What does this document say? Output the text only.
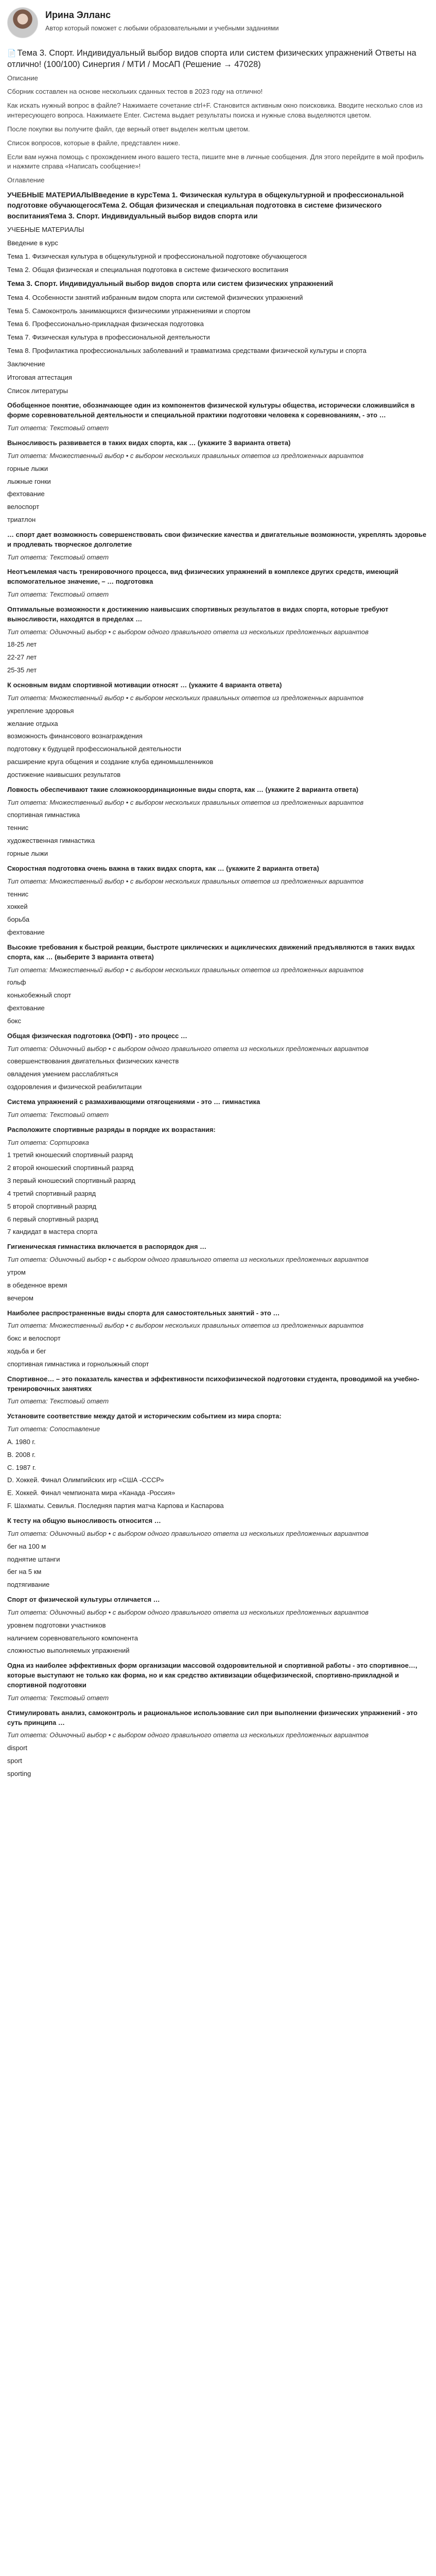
Ирина Элланс
Автор который поможет с любыми образовательными и учебными заданиями
📄 Тема 3. Спорт. Индивидуальный выбор видов спорта или систем физических упражнений Ответы на отлично! (100/100) Синергия / МТИ / МосАП (Решение → 47028)

Описание

Сборник составлен на основе нескольких сданных тестов в 2023 году на отлично!

Как искать нужный вопрос в файле? Нажимаете сочетание ctrl+F. Становится активным окно поисковика. Вводите несколько слов из интересующего вопроса. Нажимаете Enter. Система выдает результаты поиска и нужные слова выделяются цветом.

После покупки вы получите файл, где верный ответ выделен желтым цветом.

Список вопросов, которые в файле, представлен ниже.

Если вам нужна помощь с прохождением иного вашего теста, пишите мне в личные сообщения. Для этого перейдите в мой профиль и нажмите справа «Написать сообщение»!

Оглавление

УЧЕБНЫЕ МАТЕРИАЛЫВведение в курсТема 1. Физическая культура в общекультурной и профессиональной подготовке обучающегосяТема 2. Общая физическая и специальная подготовка в системе физического воспитанияТема 3. Спорт. Индивидуальный выбор видов спорта или
УЧЕБНЫЕ МАТЕРИАЛЫ
Введение в курс
Тема 1. Физическая культура в общекультурной и профессиональной подготовке обучающегося
Тема 2. Общая физическая и специальная подготовка в системе физического воспитания
Тема 3. Спорт. Индивидуальный выбор видов спорта или систем физических упражнений
Тема 4. Особенности занятий избранным видом спорта или системой физических упражнений
Тема 5. Самоконтроль занимающихся физическими упражнениями и спортом
Тема 6. Профессионально-прикладная физическая подготовка
Тема 7. Физическая культура в профессиональной деятельности
Тема 8. Профилактика профессиональных заболеваний и травматизма средствами физической культуры и спорта
Заключение
Итоговая аттестация
Список литературы
Обобщенное понятие, обозначающее один из компонентов физической культуры общества, исторически сложившийся в форме соревновательной деятельности и специальной практики подготовки человека к соревнованиям, - это …
Тип ответа: Текстовый ответ
Выносливость развивается в таких видах спорта, как … (укажите 3 варианта ответа)
Тип ответа: Множественный выбор • с выбором нескольких правильных ответов из предложенных вариантов
горные лыжи
лыжные гонки
фехтование
велоспорт
триатлон
… спорт дает возможность совершенствовать свои физические качества и двигательные возможности, укреплять здоровье и продлевать творческое долголетие
Тип ответа: Текстовый ответ
Неотъемлемая часть тренировочного процесса, вид физических упражнений в комплексе других средств, имеющий вспомогательное значение, – … подготовка
Тип ответа: Текстовый ответ
Оптимальные возможности к достижению наивысших спортивных результатов в видах спорта, которые требуют выносливости, находятся в пределах …
Тип ответа: Одиночный выбор • с выбором одного правильного ответа из нескольких предложенных вариантов
18-25 лет
22-27 лет
25-35 лет
К основным видам спортивной мотивации относят … (укажите 4 варианта ответа)
Тип ответа: Множественный выбор • с выбором нескольких правильных ответов из предложенных вариантов
укрепление здоровья
желание отдыха
возможность финансового вознаграждения
подготовку к будущей профессиональной деятельности
расширение круга общения и создание клуба единомышленников
достижение наивысших результатов
Ловкость обеспечивают такие сложнокоординационные виды спорта, как … (укажите 2 варианта ответа)
Тип ответа: Множественный выбор • с выбором нескольких правильных ответов из предложенных вариантов
спортивная гимнастика
теннис
художественная гимнастика
горные лыжи
Скоростная подготовка очень важна в таких видах спорта, как … (укажите 2 варианта ответа)
Тип ответа: Множественный выбор • с выбором нескольких правильных ответов из предложенных вариантов
теннис
хоккей
борьба
фехтование
Высокие требования к быстрой реакции, быстроте циклических и ациклических движений предъявляются в таких видах спорта, как … (выберите 3 варианта ответа)
Тип ответа: Множественный выбор • с выбором нескольких правильных ответов из предложенных вариантов
гольф
конькобежный спорт
фехтование
бокс
Общая физическая подготовка (ОФП) - это процесс …
Тип ответа: Одиночный выбор • с выбором одного правильного ответа из нескольких предложенных вариантов
совершенствования двигательных физических качеств
овладения умением расслабляться
оздоровления и физической реабилитации
Система упражнений с размахивающими отягощениями - это … гимнастика
Тип ответа: Текстовый ответ
Расположите спортивные разряды в порядке их возрастания:
Тип ответа: Сортировка
1 третий юношеский спортивный разряд
2 второй юношеский спортивный разряд
3 первый юношеский спортивный разряд
4 третий спортивный разряд
5 второй спортивный разряд
6 первый спортивный разряд
7 кандидат в мастера спорта
Гигиеническая гимнастика включается в распорядок дня …
Тип ответа: Одиночный выбор • с выбором одного правильного ответа из нескольких предложенных вариантов
утром
в обеденное время
вечером
Наиболее распространенные виды спорта для самостоятельных занятий - это …
Тип ответа: Множественный выбор • с выбором нескольких правильных ответов из предложенных вариантов
бокс и велоспорт
ходьба и бег
спортивная гимнастика и горнолыжный спорт
Спортивное… – это показатель качества и эффективности психофизической подготовки студента, проводимой на учебно-тренировочных занятиях
Тип ответа: Текстовый ответ
Установите соответствие между датой и историческим событием из мира спорта:
Тип ответа: Сопоставление
A. 1980 г.
B. 2008 г.
C. 1987 г.
D. Хоккей. Финал Олимпийских игр «США -СССР»
E. Хоккей. Финал чемпионата мира «Канада -Россия»
F. Шахматы. Севилья. Последняя партия матча Карпова и Каспарова
К тесту на общую выносливость относится …
Тип ответа: Одиночный выбор • с выбором одного правильного ответа из нескольких предложенных вариантов
бег на 100 м
поднятие штанги
бег на 5 км
подтягивание
Спорт от физической культуры отличается …
Тип ответа: Одиночный выбор • с выбором одного правильного ответа из нескольких предложенных вариантов
уровнем подготовки участников
наличием соревновательного компонента
сложностью выполняемых упражнений
Одна из наиболее эффективных форм организации массовой оздоровительной и спортивной работы - это спортивное…, которые выступают не только как форма, но и как средство активизации общефизической, спортивно-прикладной и спортивной подготовки
Тип ответа: Текстовый ответ
Стимулировать анализ, самоконтроль и рациональное использование сил при выполнении физических упражнений - это суть принципа …
Тип ответа: Одиночный выбор • с выбором одного правильного ответа из нескольких предложенных вариантов
disport
sport
sporting
